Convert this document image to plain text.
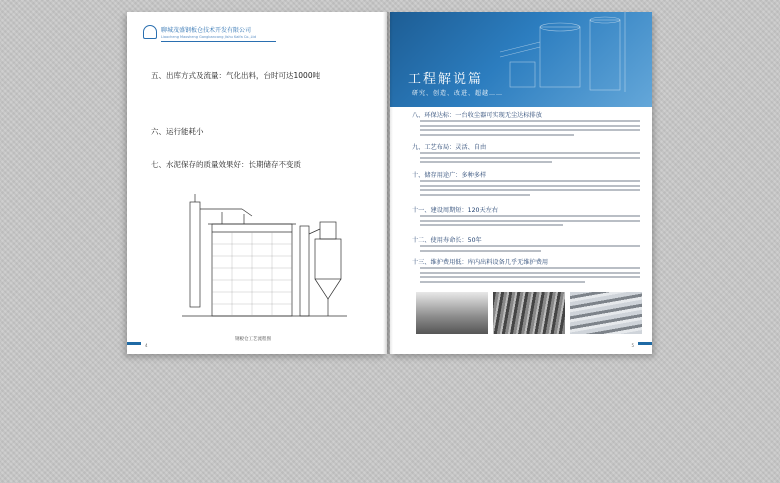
聊城茂盛钢板仓技术开发有限公司
Liaocheng Maosheng Gangbancang Jishu Kaifa Co.,Ltd
五、出库方式及流量：气化出料，台时可达1000吨
六、运行能耗小
七、水泥保存的质量效果好：长期储存不变质
钢板仓工艺流程图
4
工程解说篇
研究、创造、改进、超越……
八、环保达标：一台收尘器可实现无尘达标排放
九、工艺布局：灵活、自由
十、储存用途广：多种多样
十一、建设周期短：120天左右
十二、使用寿命长：50年
十三、维护费用低：库内出料设备几乎无维护费用
5
